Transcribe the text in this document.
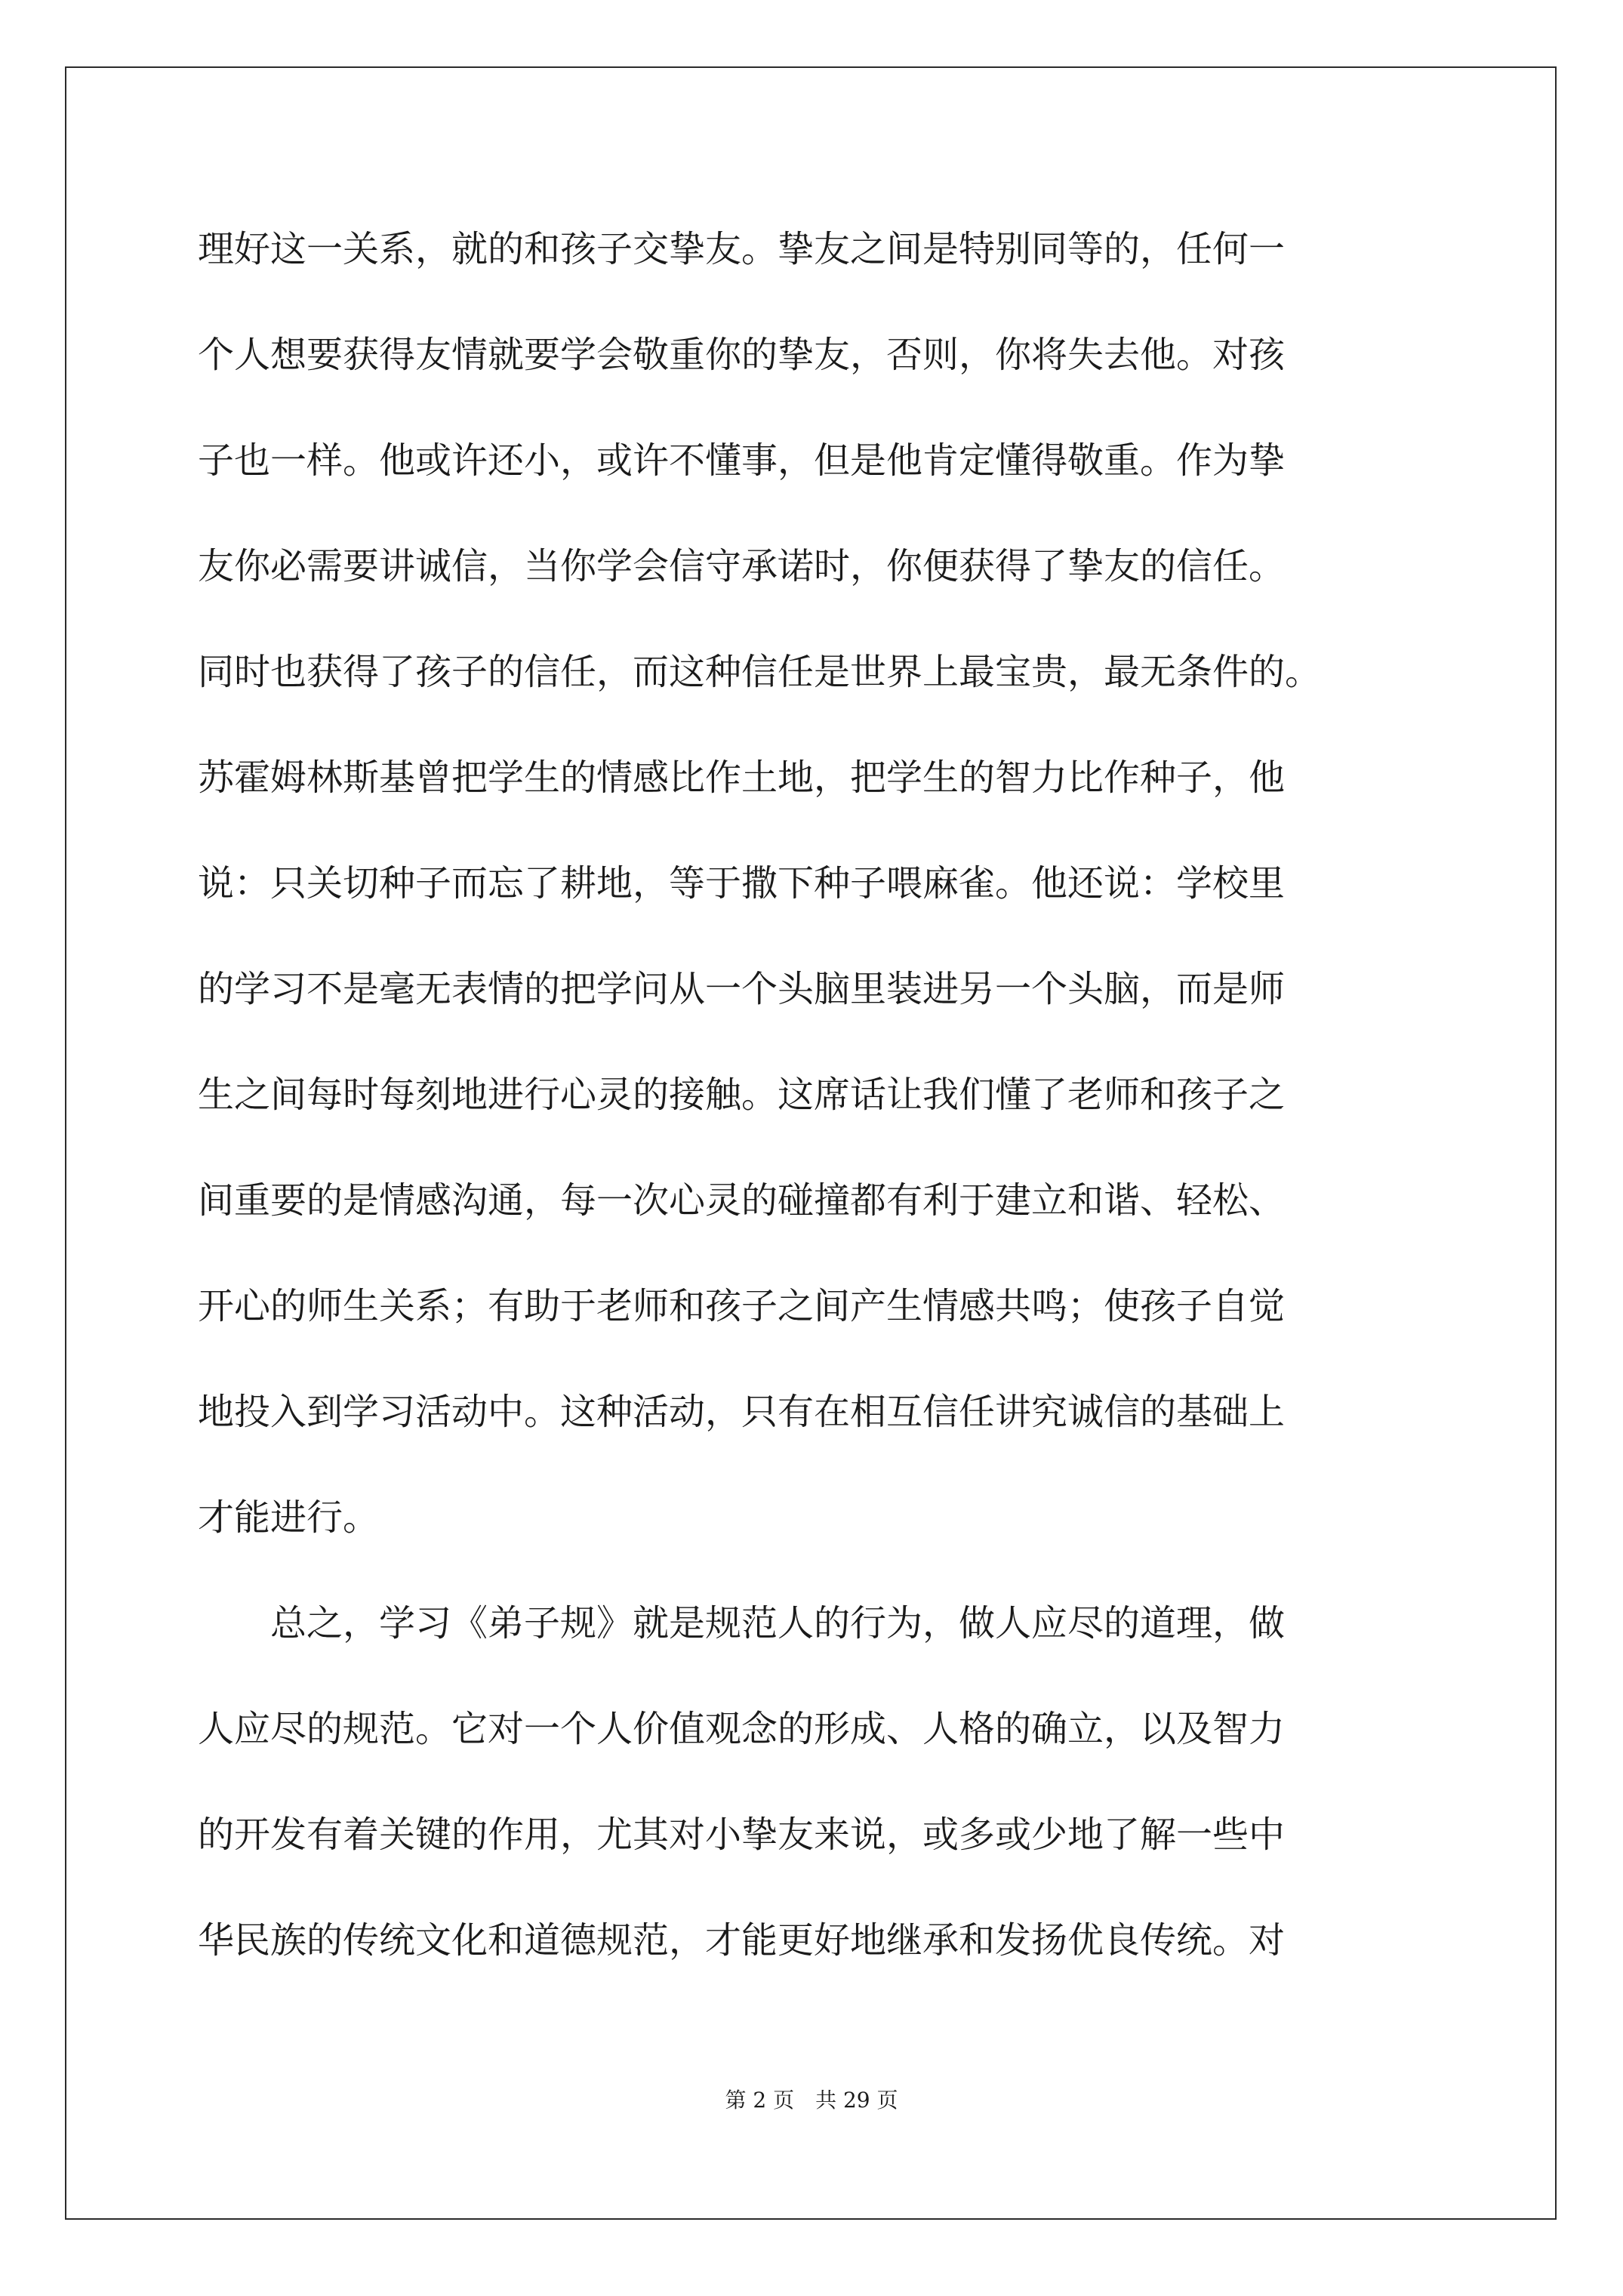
理好这一关系，就的和孩子交挚友。挚友之间是特别同等的，任何一
个人想要获得友情就要学会敬重你的挚友，否则，你将失去他。对孩
子也一样。他或许还小，或许不懂事，但是他肯定懂得敬重。作为挚
友你必需要讲诚信，当你学会信守承诺时，你便获得了挚友的信任。
同时也获得了孩子的信任，而这种信任是世界上最宝贵，最无条件的。
苏霍姆林斯基曾把学生的情感比作土地，把学生的智力比作种子，他
说：只关切种子而忘了耕地，等于撒下种子喂麻雀。他还说：学校里
的学习不是毫无表情的把学问从一个头脑里装进另一个头脑，而是师
生之间每时每刻地进行心灵的接触。这席话让我们懂了老师和孩子之
间重要的是情感沟通，每一次心灵的碰撞都有利于建立和谐、轻松、
开心的师生关系；有助于老师和孩子之间产生情感共鸣；使孩子自觉
地投入到学习活动中。这种活动，只有在相互信任讲究诚信的基础上
才能进行。
　　总之，学习《弟子规》就是规范人的行为，做人应尽的道理，做
人应尽的规范。它对一个人价值观念的形成、人格的确立，以及智力
的开发有着关键的作用，尤其对小挚友来说，或多或少地了解一些中
华民族的传统文化和道德规范，才能更好地继承和发扬优良传统。对
第 2 页　共 29 页
